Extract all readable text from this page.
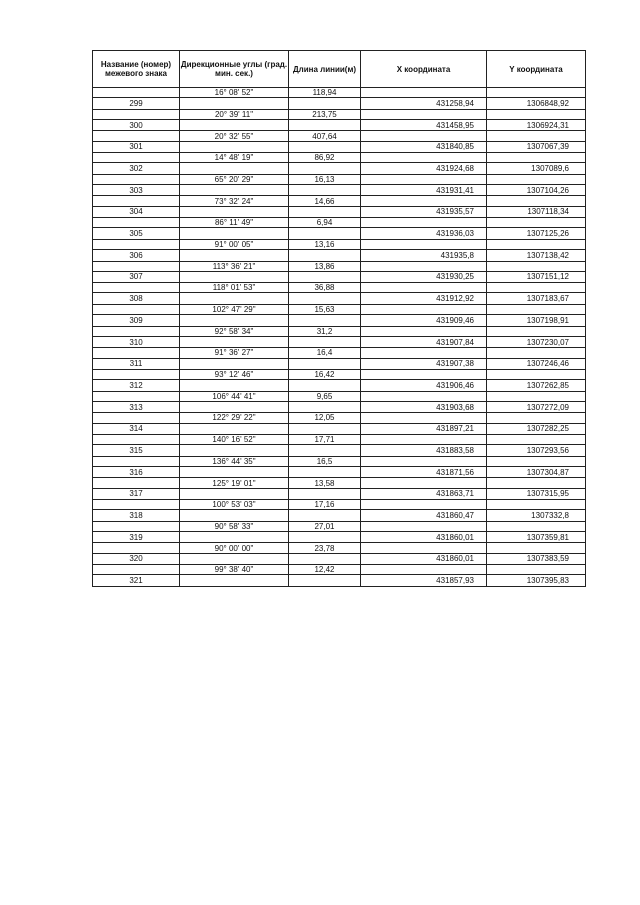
Название (номер) межевого знака	Дирекционные углы (град. мин. сек.)	Длина линии(м)	X координата	Y координата
	16° 08' 52"	118,94		
299			431258,94	1306848,92
	20° 39' 11"	213,75		
300			431458,95	1306924,31
	20° 32' 55"	407,64		
301			431840,85	1307067,39
	14° 48' 19"	86,92		
302			431924,68	1307089,6
	65° 20' 29"	16,13		
303			431931,41	1307104,26
	73° 32' 24"	14,66		
304			431935,57	1307118,34
	86° 11' 49"	6,94		
305			431936,03	1307125,26
	91° 00' 05"	13,16		
306			431935,8	1307138,42
	113° 36' 21"	13,86		
307			431930,25	1307151,12
	118° 01' 53"	36,88		
308			431912,92	1307183,67
	102° 47' 29"	15,63		
309			431909,46	1307198,91
	92° 58' 34"	31,2		
310			431907,84	1307230,07
	91° 36' 27"	16,4		
311			431907,38	1307246,46
	93° 12' 46"	16,42		
312			431906,46	1307262,85
	106° 44' 41"	9,65		
313			431903,68	1307272,09
	122° 29' 22"	12,05		
314			431897,21	1307282,25
	140° 16' 52"	17,71		
315			431883,58	1307293,56
	136° 44' 35"	16,5		
316			431871,56	1307304,87
	125° 19' 01"	13,58		
317			431863,71	1307315,95
	100° 53' 03"	17,16		
318			431860,47	1307332,8
	90° 58' 33"	27,01		
319			431860,01	1307359,81
	90° 00' 00"	23,78		
320			431860,01	1307383,59
	99° 38' 40"	12,42		
321			431857,93	1307395,83
